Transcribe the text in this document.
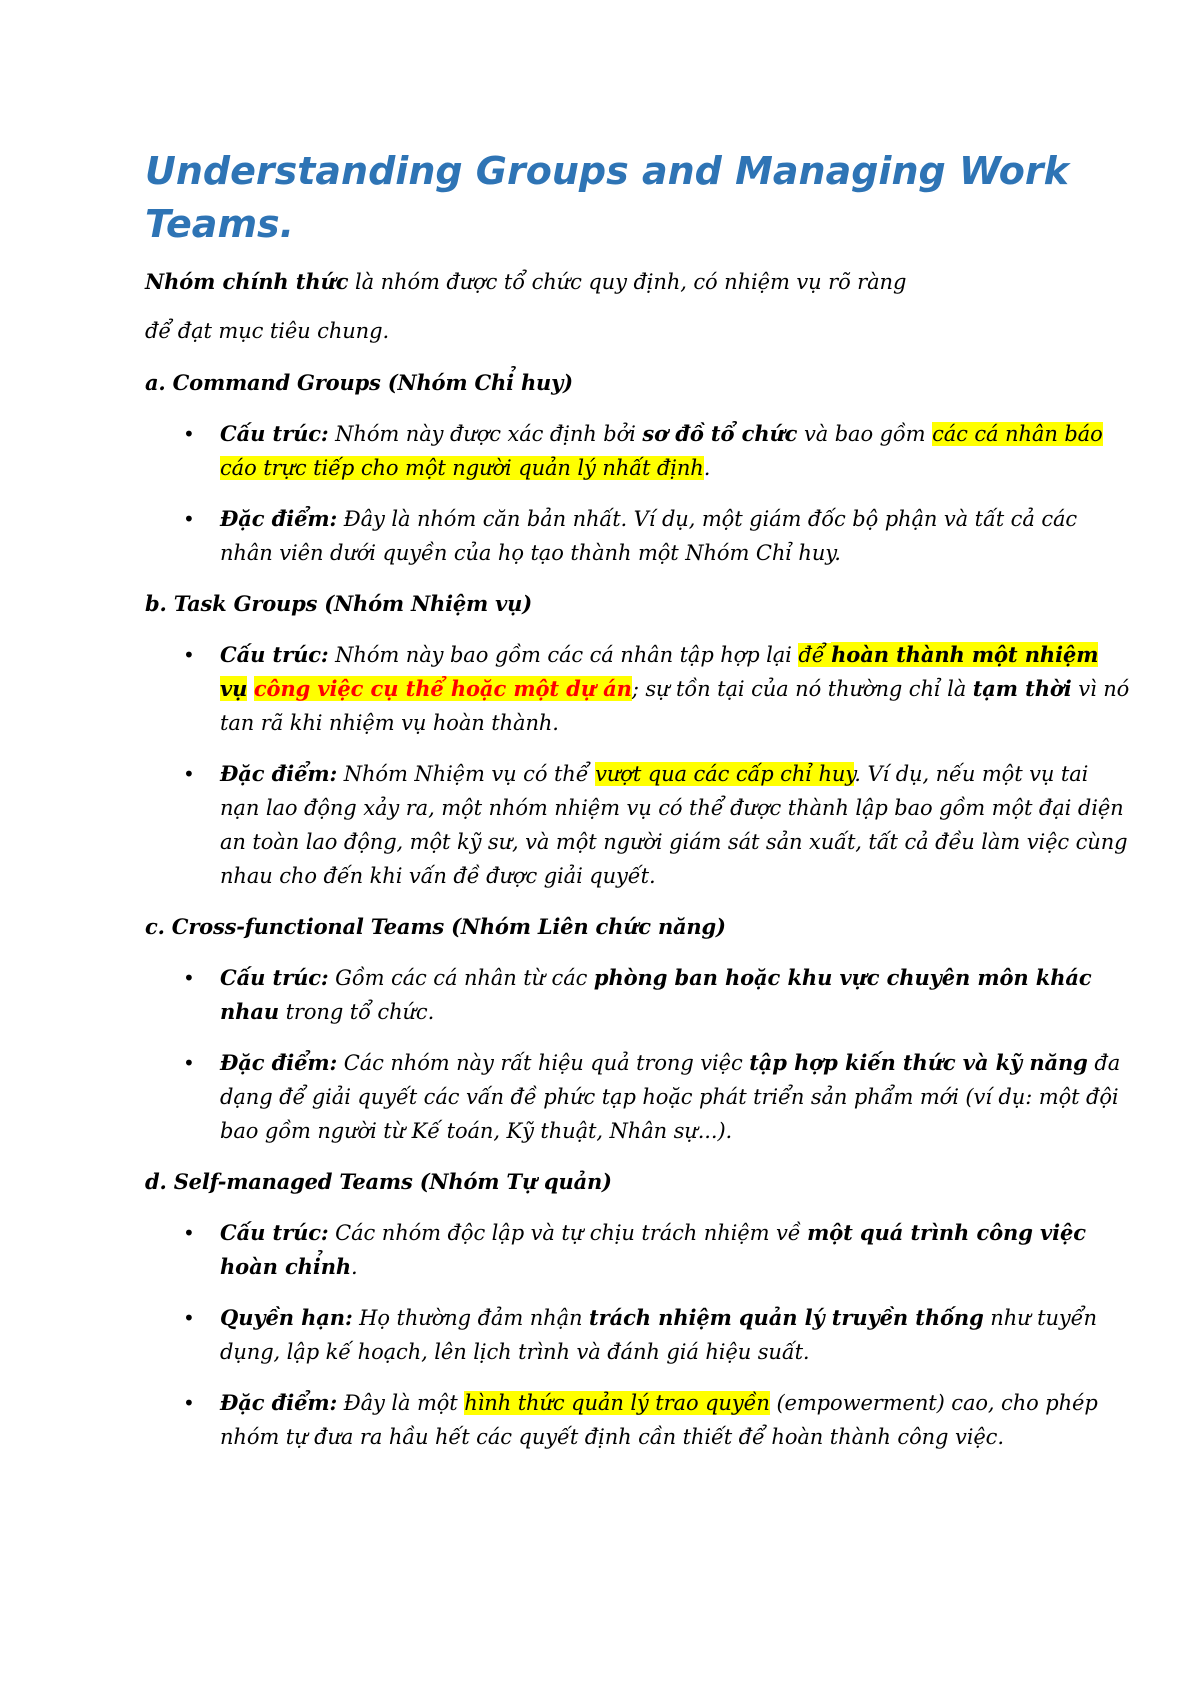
Understanding Groups and Managing Work Teams.

Nhóm chính thức là nhóm được tổ chức quy định, có nhiệm vụ rõ ràng

để đạt mục tiêu chung.

a. Command Groups (Nhóm Chỉ huy)

• Cấu trúc: Nhóm này được xác định bởi sơ đồ tổ chức và bao gồm các cá nhân báo cáo trực tiếp cho một người quản lý nhất định.
• Đặc điểm: Đây là nhóm căn bản nhất. Ví dụ, một giám đốc bộ phận và tất cả các nhân viên dưới quyền của họ tạo thành một Nhóm Chỉ huy.

b. Task Groups (Nhóm Nhiệm vụ)

• Cấu trúc: Nhóm này bao gồm các cá nhân tập hợp lại để hoàn thành một nhiệm vụ công việc cụ thể hoặc một dự án; sự tồn tại của nó thường chỉ là tạm thời vì nó tan rã khi nhiệm vụ hoàn thành.
• Đặc điểm: Nhóm Nhiệm vụ có thể vượt qua các cấp chỉ huy. Ví dụ, nếu một vụ tai nạn lao động xảy ra, một nhóm nhiệm vụ có thể được thành lập bao gồm một đại diện an toàn lao động, một kỹ sư, và một người giám sát sản xuất, tất cả đều làm việc cùng nhau cho đến khi vấn đề được giải quyết.

c. Cross-functional Teams (Nhóm Liên chức năng)

• Cấu trúc: Gồm các cá nhân từ các phòng ban hoặc khu vực chuyên môn khác nhau trong tổ chức.
• Đặc điểm: Các nhóm này rất hiệu quả trong việc tập hợp kiến thức và kỹ năng đa dạng để giải quyết các vấn đề phức tạp hoặc phát triển sản phẩm mới (ví dụ: một đội bao gồm người từ Kế toán, Kỹ thuật, Nhân sự...).

d. Self-managed Teams (Nhóm Tự quản)

• Cấu trúc: Các nhóm độc lập và tự chịu trách nhiệm về một quá trình công việc hoàn chỉnh.
• Quyền hạn: Họ thường đảm nhận trách nhiệm quản lý truyền thống như tuyển dụng, lập kế hoạch, lên lịch trình và đánh giá hiệu suất.
• Đặc điểm: Đây là một hình thức quản lý trao quyền (empowerment) cao, cho phép nhóm tự đưa ra hầu hết các quyết định cần thiết để hoàn thành công việc.
